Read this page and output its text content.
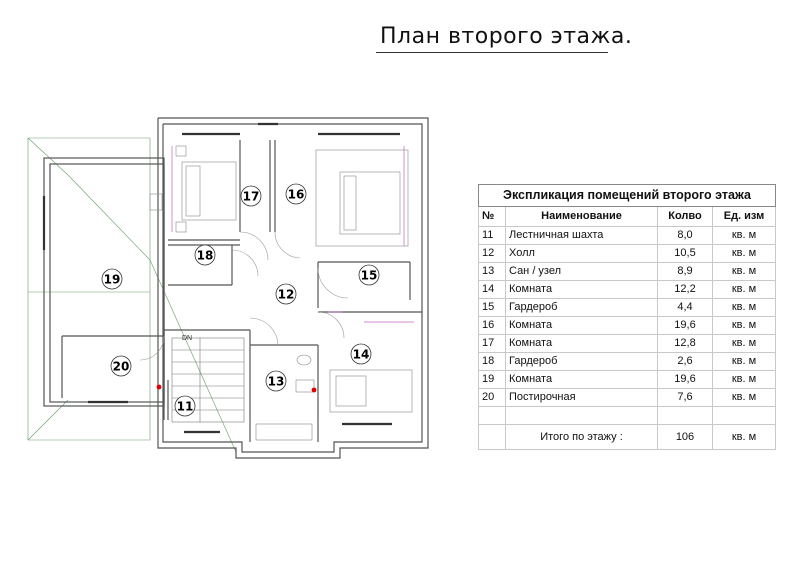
План второго этажа.
DN
11
12
13
14
15
16
17
18
19
20
Экспликация помещений второго этажа			
№	Наименование	Колво	Ед. изм
11	Лестничная шахта	8,0	кв. м
12	Холл	10,5	кв. м
13	Сан / узел	8,9	кв. м
14	Комната	12,2	кв. м
15	Гардероб	4,4	кв. м
16	Комната	19,6	кв. м
17	Комната	12,8	кв. м
18	Гардероб	2,6	кв. м
19	Комната	19,6	кв. м
20	Постирочная	7,6	кв. м

	Итого по этажу :	106	кв. м
